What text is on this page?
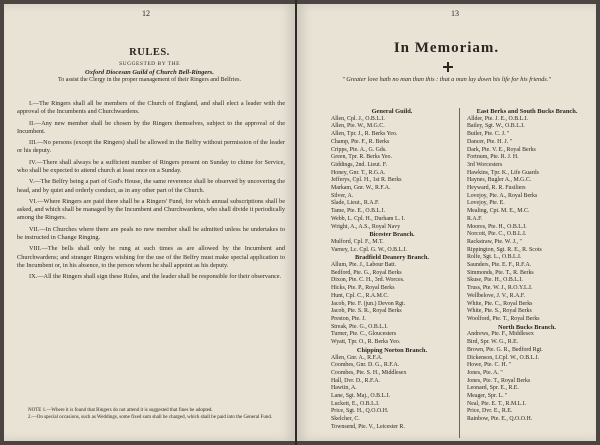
12
RULES.
SUGGESTED BY THE
Oxford Diocesan Guild of Church Bell-Ringers.
To assist the Clergy in the proper management of their Ringers and Belfries.

I.—The Ringers shall all be members of the Church of England, and shall elect a leader with the approval of the Incumbents and Churchwardens.

II.—Any new member shall be chosen by the Ringers themselves, subject to the approval of the Incumbent.

III.—No persons (except the Ringers) shall be allowed in the Belfry without permission of the leader or his deputy.

IV.—There shall always be a sufficient number of Ringers present on Sunday to chime for Service, who shall be expected to attend church at least once on a Sunday.

V.—The Belfry being a part of God's House, the same reverence shall be observed by uncovering the head, and by quiet and orderly conduct, as in any other part of the Church.

VI.—Where Ringers are paid there shall be a Ringers' Fund, for which annual subscriptions shall be asked, and which shall be managed by the Incumbent and Churchwardens, who shall divide it periodically among the Ringers.

VII.—In Churches where there are peals no new member shall be admitted unless he undertakes to be instructed in Change Ringing.

VIII.—The bells shall only be rung at such times as are allowed by the Incumbent and Churchwardens; and stranger Ringers wishing for the use of the Belfry must make special application to the Incumbent or, in his absence, to the person whom he shall appoint as his deputy.

IX.—All the Ringers shall sign these Rules, and the leader shall be responsible for their observance.

NOTE 1.—Where it is found that Ringers do not attend it is suggested that fines be adopted.

2.—On special occasions, such as Weddings, some fixed sum shall be charged, which shall be paid into the General Fund.

13
In Memoriam.
" Greater love hath no man than this : that a man lay down his life for his friends."
General Guild.
Allen, Cpl. J., O.B.L.I.
Allen, Pte. W., M.G.C.
Allen, Tpr. J., R. Berks Yeo.
Champ, Pte. F., R. Berks
Cripps, Pte. A., G. Gds.
Green, Tpr. R. Berks Yeo.
Giddings, 2nd. Lieut. F.
Honey, Gnr. T., R.G.A.
Jefferys, Cpl. H., 1st R. Berks
Markam, Gnr. W., R.F.A.
Silver, A.
Slade, Lieut., R.A.F.
Tame, Pte. E., O.B.L.I.
Webb, L. Cpl. H., Durham L. I.
Wright, A., A.S., Royal Navy
Bicester Branch.
Mulford, Cpl. F., M.T.
Varney, Lc. Cpl. G. W., O.B.L.I.
Bradfield Deanery Branch.
Allum, Pte. J., Labour Batt.
Bedford, Pte. G., Royal Berks
Dixon, Pte. C. H., 3rd. Worces.
Hicks, Pte. P., Royal Berks
Hunt, Cpl. C., R.A.M.C.
Jacob, Pte. F. (jun.) Devon Rgt.
Jacob, Pte. S. R., Royal Berks
Preston, Pte. J.
Streak, Pte. G., O.B.L.I.
Turner, Pte. C., Gloucesters
Wyatt, Tpr. O., R. Berks Yeo.
Chipping Norton Branch.
Allen, Gnr. A., R.F.A.
Coombes, Gnr. D. G., R.F.A.
Coombes, Pte. S. H., Middlesex
Hall, Dvr. D., R.F.A.
Hawtin, A.
Lane, Sgt. Maj., O.B.L.I.
Luckett, E., O.B.L.I.
Price, Sgt. H., Q.O.O.H.
Skelcher, C.
Townsend, Pte. V., Leicester R.
East Berks and South Bucks Branch.
Allder, Pte. J. E., O.B.L.I.
Bailey, Sgt. W., O.B.L.I.
Butler, Pte. C. J. "
Dancer, Pte. H. J. "
Dark, Pte. V. E., Royal Berks
Fortnum, Pte. R. J. H.
3rd Worcesters
Hawkins, Tpr. K., Life Guards
Haynes, Bugler A., M.G.C.
Heyward, R. R. Fusiliers
Lovejoy, Pte. A., Royal Berks
Lovejoy, Pte. E.
Mealing, Cpt. M. E., M.C.
R.A.F.
Moores, Pte. H., O.B.L.I.
Norcott, Pte. C., O.B.L.I.
Rackstraw, Pte. W. J., "
Rippington, Sgt. R. E., R. Scots
Rolfe, Sgt. L., O.B.L.I.
Saunders, Pte. E. F., R.F.A.
Simmonds, Pte. T., R. Berks
Skuse, Pte. H., O.B.L.I.
Truss, Pte. W. J., R.O.Y.L.I.
Wellbelove, J. V., R.A.F.
White, Pte. C., Royal Berks
White, Pte. S., Royal Berks
Woolford, Pte. T., Royal Berks
North Bucks Branch.
Andrews, Pte. F., Middlesex
Bird, Spr. W. G., R.E.
Brown, Pte. G. R., Bedford Rgt.
Dickenson, LCpl. W., O.B.L.I.
Howe, Pte. C. H. "
Jones, Pte. A. "
Jones, Pte. T., Royal Berks
Leonard, Spr. E., R.E.
Meager, Spr. L. "
Neal, Pte. E. T., R.M.L.I.
Price, Dvr. E., R.E.
Rainbow, Pte. E., Q.O.O.H.
